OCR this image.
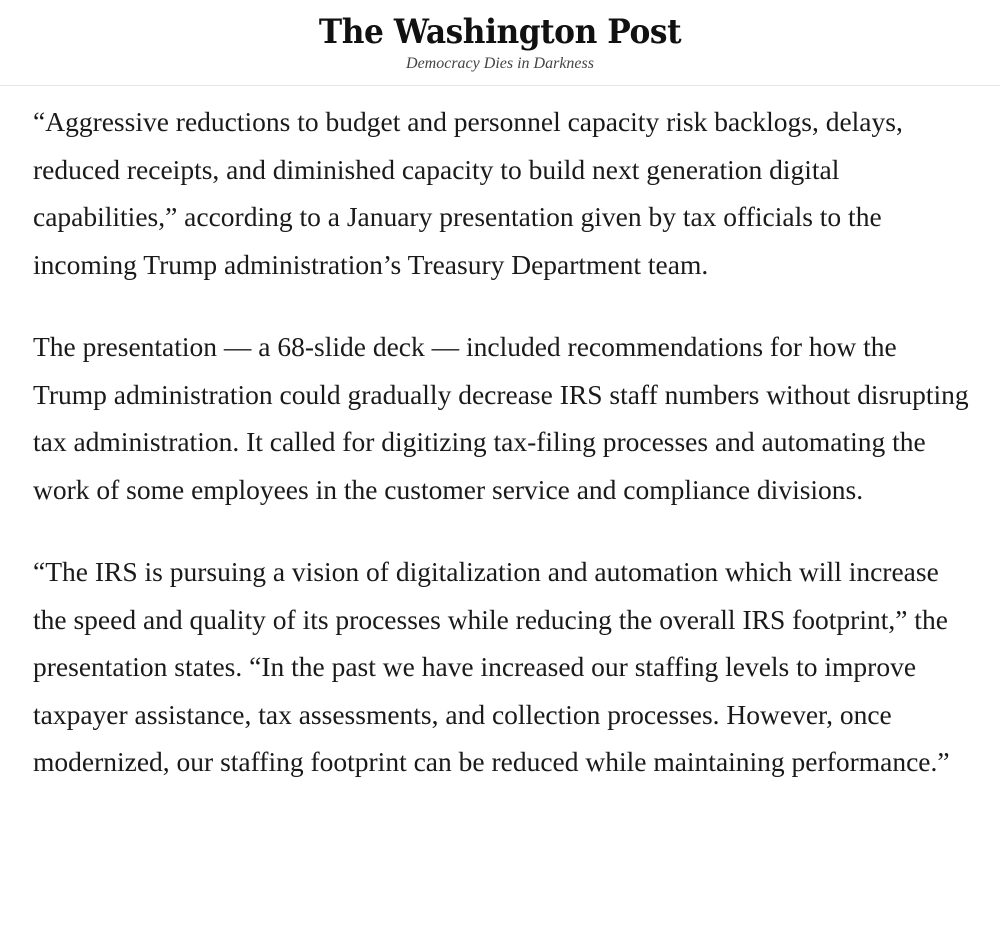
The Washington Post
Democracy Dies in Darkness

“Aggressive reductions to budget and personnel capacity risk backlogs, delays, reduced receipts, and diminished capacity to build next generation digital capabilities,” according to a January presentation given by tax officials to the incoming Trump administration’s Treasury Department team.

The presentation — a 68-slide deck — included recommendations for how the Trump administration could gradually decrease IRS staff numbers without disrupting tax administration. It called for digitizing tax-filing processes and automating the work of some employees in the customer service and compliance divisions.

“The IRS is pursuing a vision of digitalization and automation which will increase the speed and quality of its processes while reducing the overall IRS footprint,” the presentation states. “In the past we have increased our staffing levels to improve taxpayer assistance, tax assessments, and collection processes. However, once modernized, our staffing footprint can be reduced while maintaining performance.”
